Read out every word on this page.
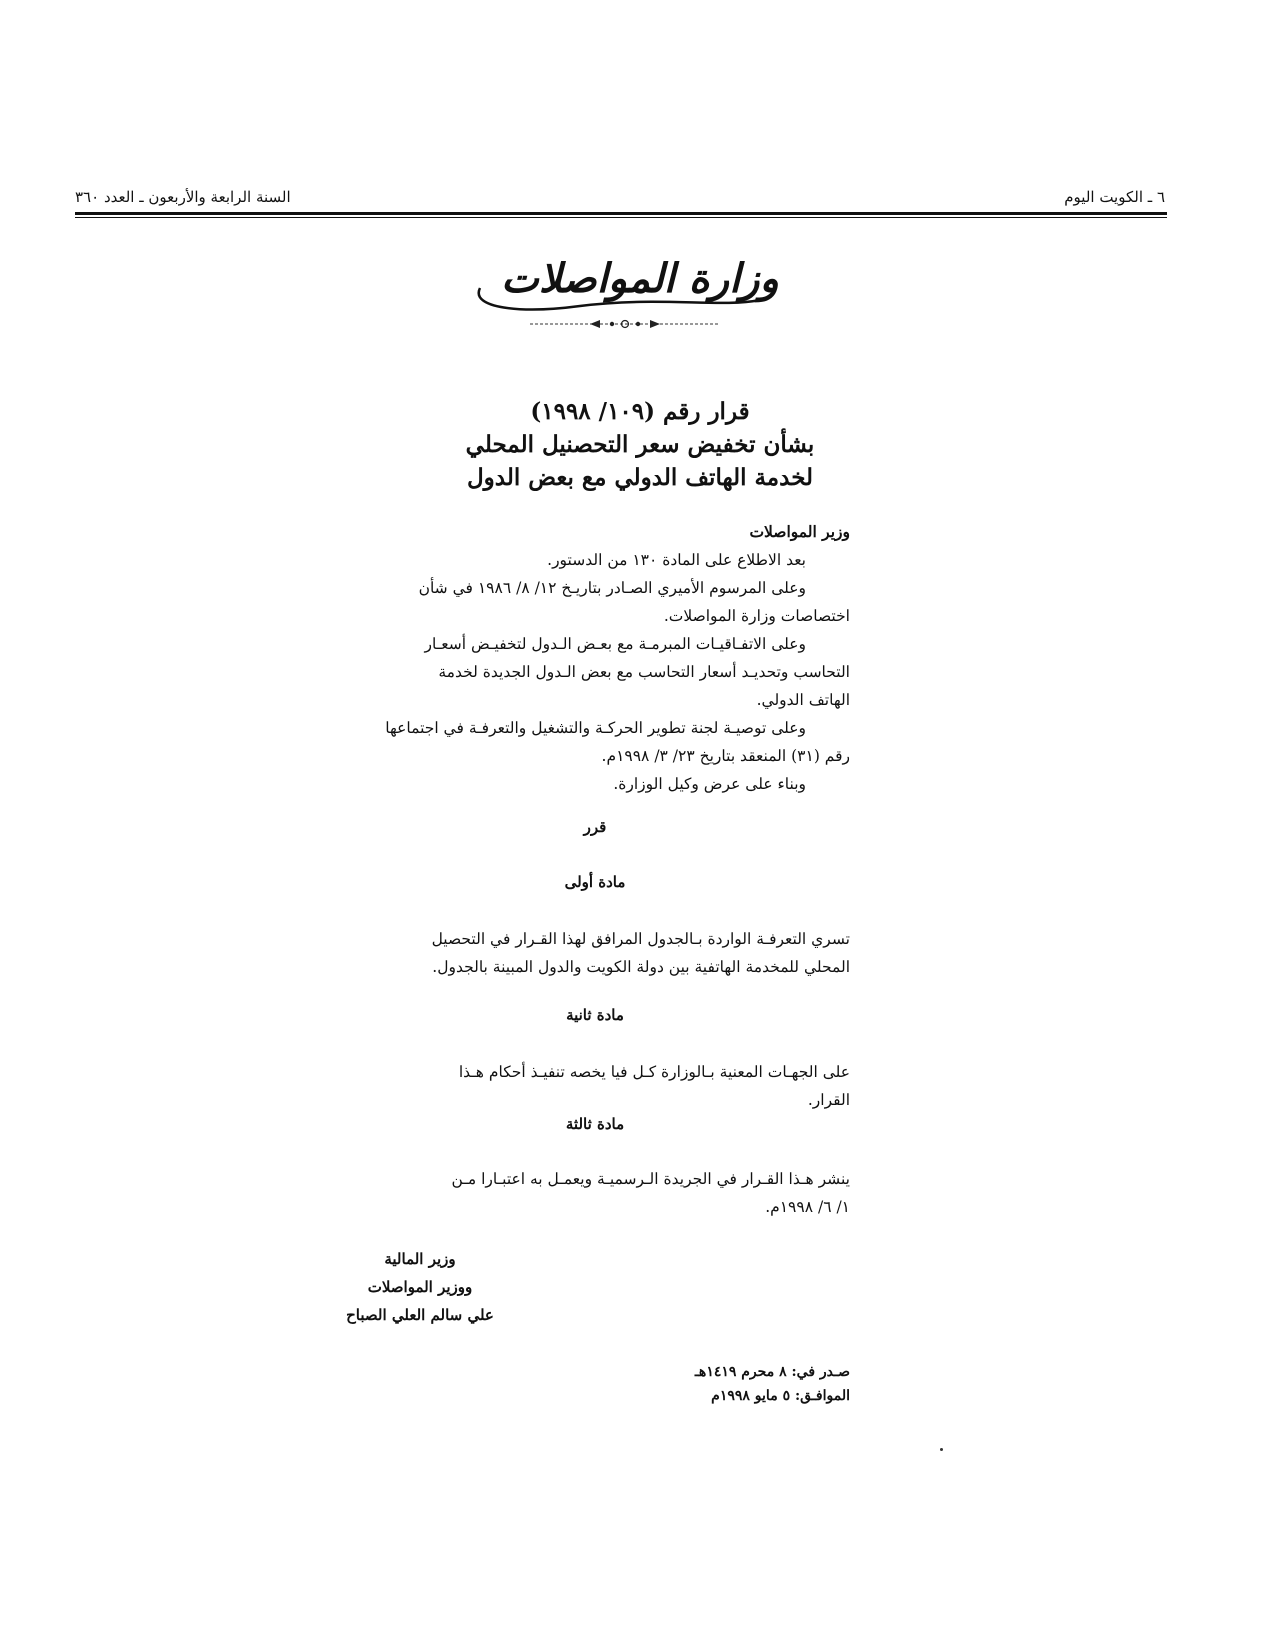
٦ ـ الكويت اليوم
السنة الرابعة والأربعون ـ العدد ٣٦٠
وزارة المواصلات
قرار رقم (١٠٩/ ١٩٩٨)
بشأن تخفيض سعر التحصنيل المحلي
لخدمة الهاتف الدولي مع بعض الدول

وزير المواصلات

بعد الاطلاع على المادة ١٣٠ من الدستور.

وعلى المرسوم الأميري الصـادر بتاريـخ ١٢/ ٨/ ١٩٨٦ في شأن

اختصاصات وزارة المواصلات.

وعلى الاتفـاقيـات المبرمـة مع بعـض الـدول لتخفيـض أسعـار

التحاسب وتحديـد أسعار التحاسب مع بعض الـدول الجديدة لخدمة

الهاتف الدولي.

وعلى توصيـة لجنة تطوير الحركـة والتشغيل والتعرفـة في اجتماعها

رقم (٣١) المنعقد بتاريخ ٢٣/ ٣/ ١٩٩٨م.

وبناء على عرض وكيل الوزارة.

قرر
مادة أولى

تسري التعرفـة الواردة بـالجدول المرافق لهذا القـرار في التحصيل

المحلي للمخدمة الهاتفية بين دولة الكويت والدول المبينة بالجدول.

مادة ثانية

على الجهـات المعنية بـالوزارة كـل فيا يخصه تنفيـذ أحكام هـذا

القرار.

مادة ثالثة

ينشر هـذا القـرار في الجريدة الـرسميـة ويعمـل به اعتبـارا مـن

١/ ٦/ ١٩٩٨م.

وزير المالية
ووزير المواصلات
علي سالم العلي الصباح
صـدر في: ٨ محرم ١٤١٩هـ
الموافـق: ٥ مايو ١٩٩٨م
